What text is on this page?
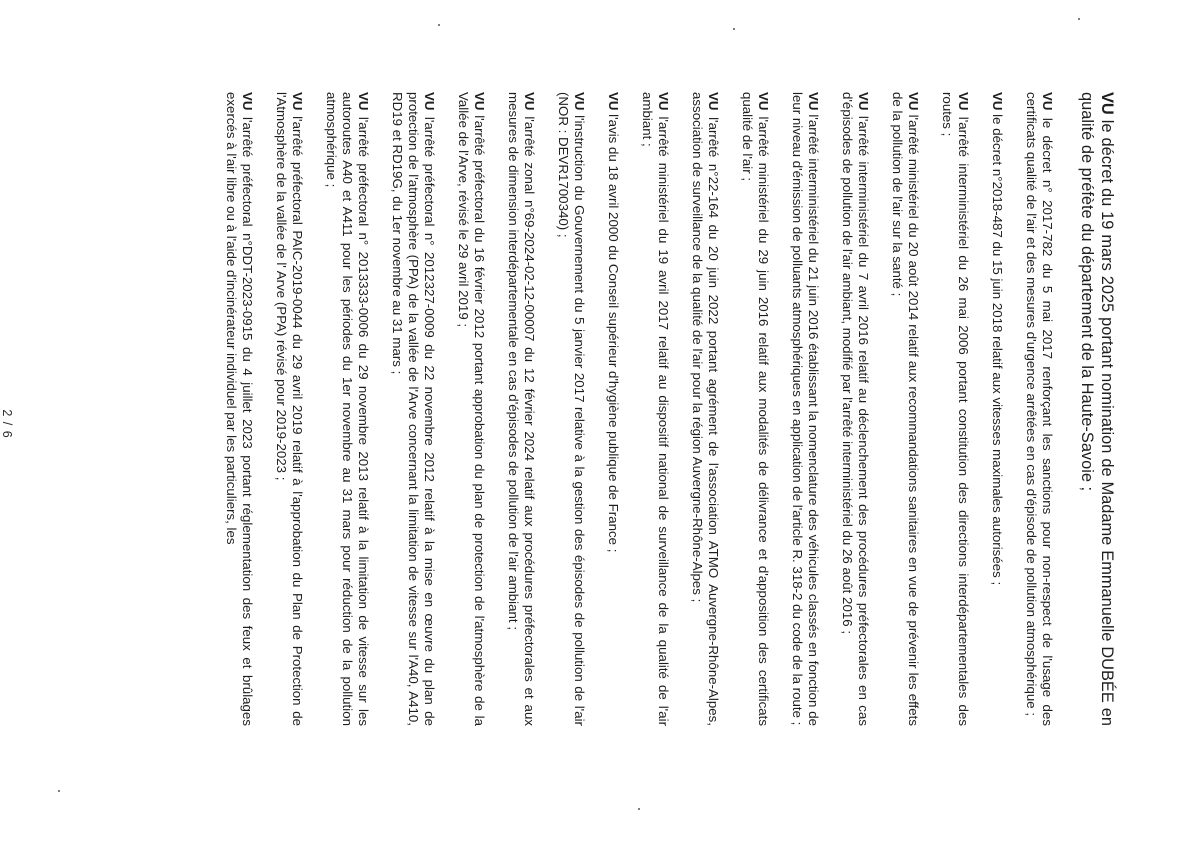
VU le décret du 19 mars 2025 portant nomination de Madame Emmanuelle DUBÉE en qualité de préfète du département de la Haute-Savoie ;

VU le décret n° 2017-782 du 5 mai 2017 renforçant les sanctions pour non-respect de l'usage des certificats qualité de l'air et des mesures d'urgence arrêtées en cas d'épisode de pollution atmosphérique ;

VU le décret n°2018-487 du 15 juin 2018 relatif aux vitesses maximales autorisées ;

VU l'arrêté interministériel du 26 mai 2006 portant constitution des directions interdépartementales des routes ;

VU l'arrêté ministériel du 20 août 2014 relatif aux recommandations sanitaires en vue de prévenir les effets de la pollution de l'air sur la santé ;

VU l'arrêté interministériel du 7 avril 2016 relatif au déclenchement des procédures préfectorales en cas d'épisodes de pollution de l'air ambiant, modifié par l'arrêté interministériel du 26 août 2016 ;

VU l'arrêté interministériel du 21 juin 2016 établissant la nomenclature des véhicules classés en fonction de leur niveau d'émission de polluants atmosphériques en application de l'article R. 318-2 du code de la route ;

VU l'arrêté ministériel du 29 juin 2016 relatif aux modalités de délivrance et d'apposition des certificats qualité de l'air ;

VU l'arrêté n°22-164 du 20 juin 2022 portant agrément de l'association ATMO Auvergne-Rhône-Alpes, association de surveillance de la qualité de l'air pour la région Auvergne-Rhône-Alpes ;

VU l'arrêté ministériel du 19 avril 2017 relatif au dispositif national de surveillance de la qualité de l'air ambiant ;

VU l'avis du 18 avril 2000 du Conseil supérieur d'hygiène publique de France ;

VU l'instruction du Gouvernement du 5 janvier 2017 relative à la gestion des épisodes de pollution de l'air (NOR : DEVR1700340) ;

VU l'arrêté zonal n°69-2024-02-12-00007 du 12 février 2024 relatif aux procédures préfectorales et aux mesures de dimension interdépartementale en cas d'épisodes de pollution de l'air ambiant ;

VU l'arrêté préfectoral du 16 février 2012 portant approbation du plan de protection de l'atmosphère de la Vallée de l'Arve, révisé le 29 avril 2019 ;

VU l'arrêté préfectoral n° 2012327-0009 du 22 novembre 2012 relatif à la mise en œuvre du plan de protection de l'atmosphère (PPA) de la vallée de l'Arve concernant la limitation de vitesse sur l'A40, A410, RD19 et RD19G, du 1er novembre au 31 mars ;

VU l'arrêté préfectoral n° 2013333-0006 du 29 novembre 2013 relatif à la limitation de vitesse sur les autoroutes A40 et A411 pour les périodes du 1er novembre au 31 mars pour réduction de la pollution atmosphérique ;

VU l'arrêté préfectoral PAIC-2019-0044 du 29 avril 2019 relatif à l'approbation du Plan de Protection de l'Atmosphère de la vallée de l' Arve (PPA) révisé pour 2019-2023 ;

VU l'arrêté préfectoral n°DDT-2023-0915 du 4 juillet 2023 portant réglementation des feux et brûlages exercés à l'air libre ou à l'aide d'incinérateur individuel par les particuliers, les

2 / 6
